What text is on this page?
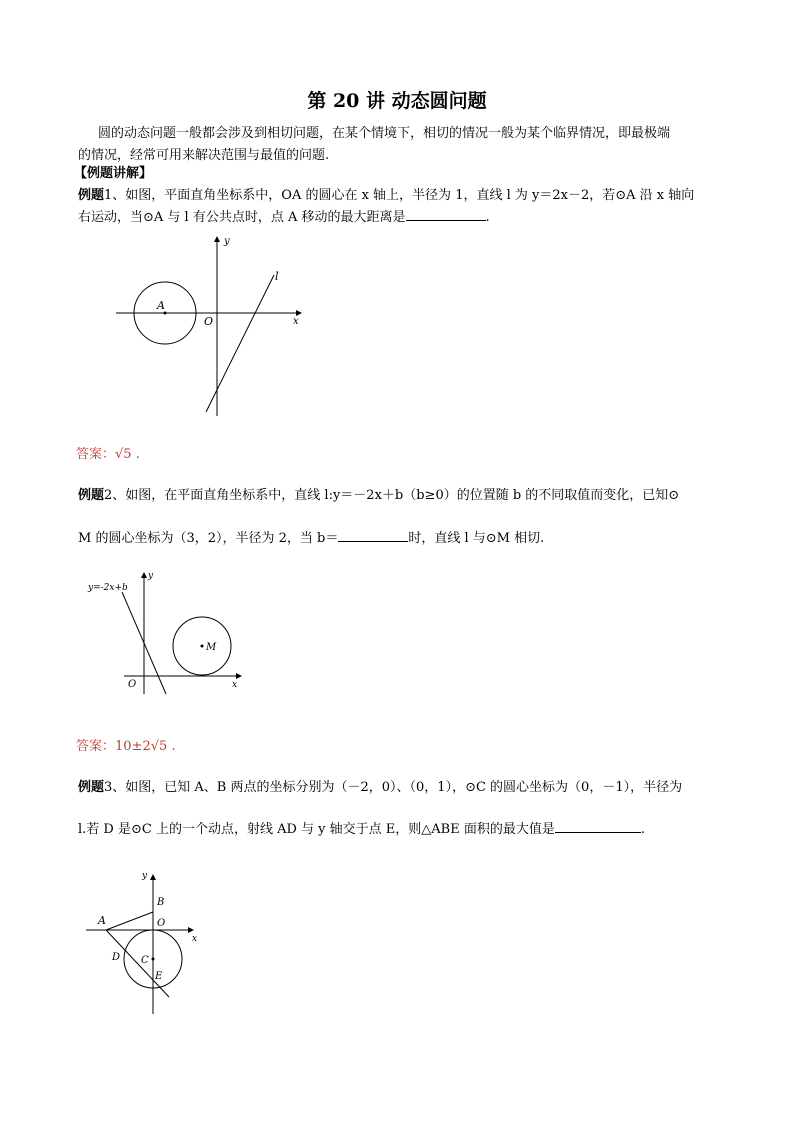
第 20 讲 动态圆问题
圆的动态问题一般都会涉及到相切问题，在某个情境下，相切的情况一般为某个临界情况，即最极端
的情况，经常可用来解决范围与最值的问题.
【例题讲解】
例题1、如图，平面直角坐标系中，OA 的圆心在 x 轴上，半径为 1，直线 l 为 y＝2x－2，若⊙A 沿 x 轴向
右运动，当⊙A 与 l 有公共点时，点 A 移动的最大距离是	.
A
O	x
y
l
答案：√5 .
例题2、如图，在平面直角坐标系中，直线 l:y＝－2x＋b（b≥0）的位置随 b 的不同取值而变化，已知⊙
M 的圆心坐标为（3，2），半径为 2，当 b＝	时，直线 l 与⊙M 相切.
y=-2x+b
M
O	x
y
答案：10±2√5 .
例题3、如图，已知 A、B 两点的坐标分别为（－2，0）、（0，1），⊙C 的圆心坐标为（0，－1），半径为
l.若 D 是⊙C 上的一个动点，射线 AD 与 y 轴交于点 E，则△ABE 面积的最大值是	.
A
B
O
x
y
D C
E
